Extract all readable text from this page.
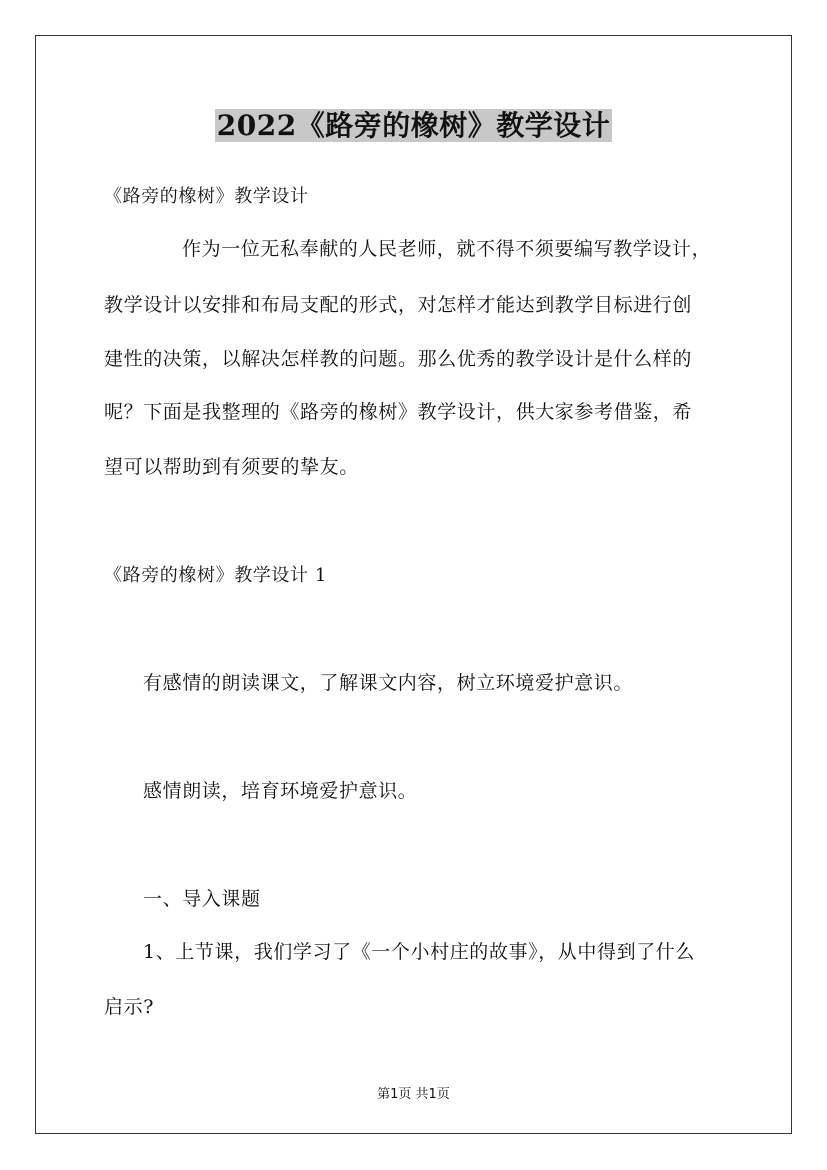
2022《路旁的橡树》教学设计
《路旁的橡树》教学设计
作为一位无私奉献的人民老师，就不得不须要编写教学设计，
教学设计以安排和布局支配的形式，对怎样才能达到教学目标进行创
建性的决策，以解决怎样教的问题。那么优秀的教学设计是什么样的
呢？下面是我整理的《路旁的橡树》教学设计，供大家参考借鉴，希
望可以帮助到有须要的挚友。
《路旁的橡树》教学设计 1
有感情的朗读课文，了解课文内容，树立环境爱护意识。
感情朗读，培育环境爱护意识。
一、导入课题
1、上节课，我们学习了《一个小村庄的故事》，从中得到了什么
启示?
第1页 共1页
